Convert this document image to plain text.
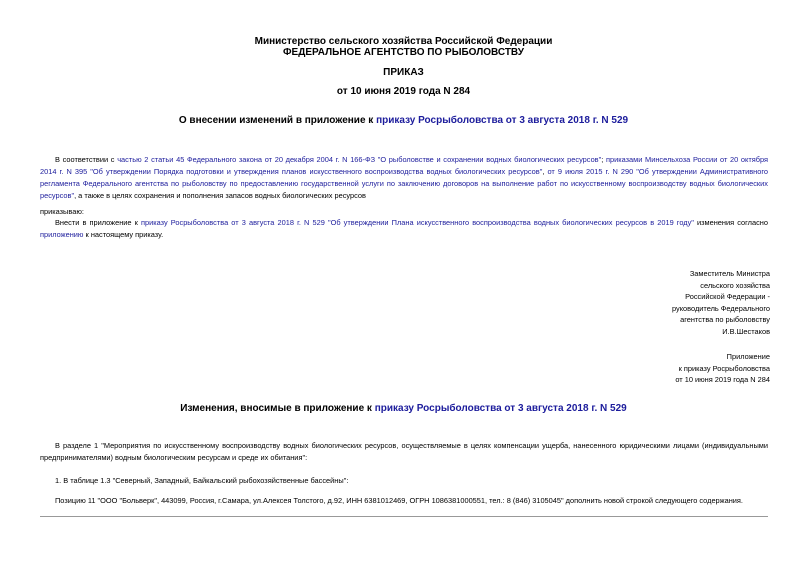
Министерство сельского хозяйства Российской Федерации
ФЕДЕРАЛЬНОЕ АГЕНТСТВО ПО РЫБОЛОВСТВУ
ПРИКАЗ
от 10 июня 2019 года N 284
О внесении изменений в приложение к приказу Росрыболовства от 3 августа 2018 г. N 529
В соответствии с частью 2 статьи 45 Федерального закона от 20 декабря 2004 г. N 166-ФЗ "О рыболовстве и сохранении водных биологических ресурсов"; приказами Минсельхоза России от 20 октября 2014 г. N 395 "Об утверждении Порядка подготовки и утверждения планов искусственного воспроизводства водных биологических ресурсов", от 9 июля 2015 г. N 290 "Об утверждении Административного регламента Федерального агентства по рыболовству по предоставлению государственной услуги по заключению договоров на выполнение работ по искусственному воспроизводству водных биологических ресурсов", а также в целях сохранения и пополнения запасов водных биологических ресурсов
приказываю:
Внести в приложение к приказу Росрыболовства от 3 августа 2018 г. N 529 "Об утверждении Плана искусственного воспроизводства водных биологических ресурсов в 2019 году" изменения согласно приложению к настоящему приказу.
Заместитель Министра
сельского хозяйства
Российской Федерации -
руководитель Федерального
агентства по рыболовству
И.В.Шестаков
Приложение
к приказу Росрыболовства
от 10 июня 2019 года N 284
Изменения, вносимые в приложение к приказу Росрыболовства от 3 августа 2018 г. N 529
В разделе 1 "Мероприятия по искусственному воспроизводству водных биологических ресурсов, осуществляемые в целях компенсации ущерба, нанесенного юридическими лицами (индивидуальными предпринимателями) водным биологическим ресурсам и среде их обитания":
1. В таблице 1.3 "Северный, Западный, Байкальский рыбохозяйственные бассейны":
Позицию 11 "ООО "Больверк", 443099, Россия, г.Самара, ул.Алексея Толстого, д.92, ИНН 6381012469, ОГРН 1086381000551, тел.: 8 (846) 3105045" дополнить новой строкой следующего содержания.
